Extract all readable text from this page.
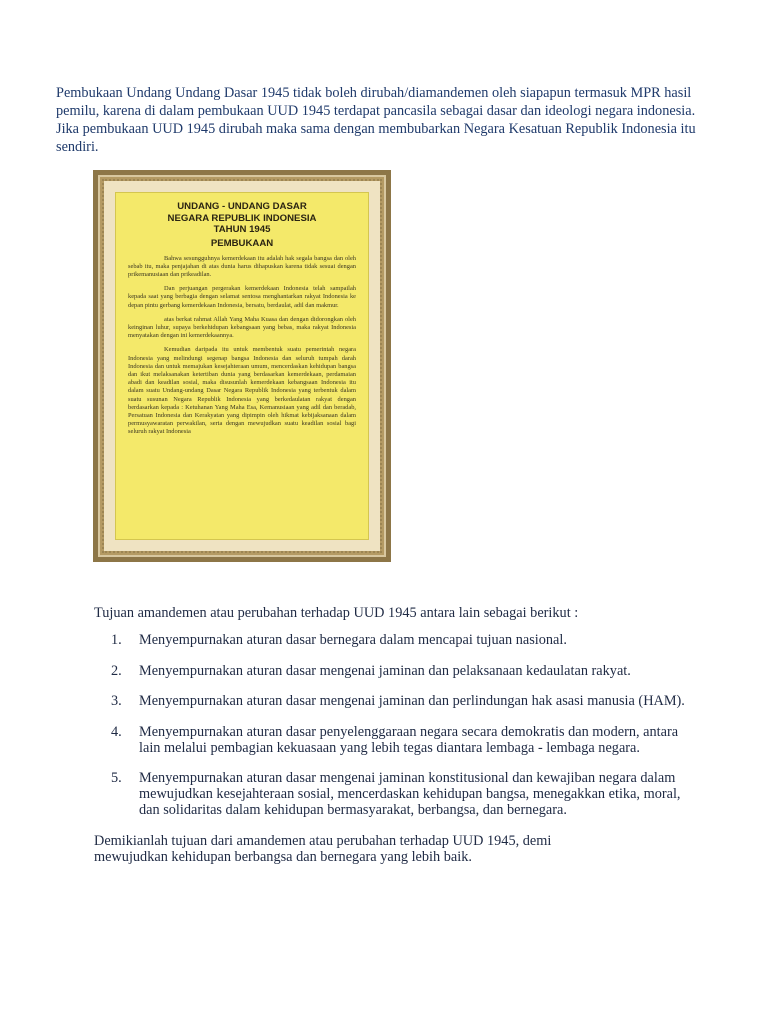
Pembukaan Undang Undang Dasar 1945 tidak boleh dirubah/diamandemen oleh siapapun termasuk MPR hasil pemilu, karena di dalam pembukaan UUD 1945 terdapat pancasila sebagai dasar dan ideologi negara indonesia. Jika pembukaan UUD 1945 dirubah maka sama dengan membubarkan Negara Kesatuan Republik Indonesia itu sendiri.

UNDANG - UNDANG DASAR

NEGARA REPUBLIK INDONESIA

TAHUN 1945

PEMBUKAAN

Bahwa sesungguhnya kemerdekaan itu adalah hak segala bangsa dan oleh sebab itu, maka penjajahan di atas dunia harus dihapuskan karena tidak sesuai dengan prikemanusiaan dan prikeadilan.

Dan perjuangan pergerakan kemerdekaan Indonesia telah sampailah kepada saat yang berbagia dengan selamat sentosa menghantarkan rakyat Indonesia ke depan pintu gerbang kemerdekaan Indonesia, bersatu, berdaulat, adil dan makmur.

atas berkat rahmat Allah Yang Maha Kuasa dan dengan didorongkan oleh keinginan luhur, supaya berkehidupan kebangsaan yang bebas, maka rakyat Indonesia menyatakan dengan ini kemerdekaannya.

Kemudian daripada itu untuk membentuk suatu pemerintah negara Indonesia yang melindungi segenap bangsa Indonesia dan seluruh tumpah darah Indonesia dan untuk memajukan kesejahteraan umum, mencerdaskan kehidupan bangsa dan ikut melaksanakan ketertiban dunia yang berdasarkan kemerdekaan, perdamaian abadi dan keadilan sosial, maka disusunlah kemerdekaan kebangsaan Indonesia itu dalam suatu Undang-undang Dasar Negara Republik Indonesia yang terbentuk dalam suatu susunan Negara Republik Indonesia yang berkedaulatan rakyat dengan berdasarkan kepada : Ketuhanan Yang Maha Esa, Kemanusiaan yang adil dan beradab, Persatuan Indonesia dan Kerakyatan yang dipimpin oleh hikmat kebijaksanaan dalam permusyawaratan perwakilan, serta dengan mewujudkan suatu keadilan sosial bagi seluruh rakyat Indonesia

Tujuan amandemen atau perubahan terhadap UUD 1945 antara lain sebagai berikut :

1.	Menyempurnakan aturan dasar bernegara dalam mencapai tujuan nasional.
2.	Menyempurnakan aturan dasar mengenai jaminan dan pelaksanaan kedaulatan rakyat.
3.	Menyempurnakan aturan dasar mengenai jaminan dan perlindungan hak asasi manusia (HAM).
4.	Menyempurnakan aturan dasar penyelenggaraan negara secara demokratis dan modern, antara lain melalui pembagian kekuasaan yang lebih tegas diantara lembaga - lembaga negara.
5.	Menyempurnakan aturan dasar mengenai jaminan konstitusional dan kewajiban negara dalam mewujudkan kesejahteraan sosial, mencerdaskan kehidupan bangsa, menegakkan etika, moral, dan solidaritas dalam kehidupan bermasyarakat, berbangsa, dan bernegara.

Demikianlah tujuan dari amandemen atau perubahan terhadap UUD 1945, demi mewujudkan kehidupan berbangsa dan bernegara yang lebih baik.
